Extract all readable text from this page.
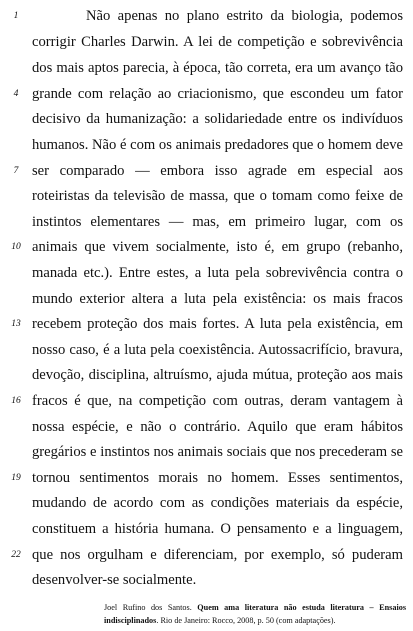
Não apenas no plano estrito da biologia, podemos
corrigir Charles Darwin. A lei de competição e sobrevivência
dos mais aptos parecia, à época, tão correta, era um avanço tão
grande com relação ao criacionismo, que escondeu um fator
decisivo da humanização: a solidariedade entre os indivíduos
humanos. Não é com os animais predadores que o homem deve
ser comparado — embora isso agrade em especial aos
roteiristas da televisão de massa, que o tomam como feixe de
instintos elementares — mas, em primeiro lugar, com os
animais que vivem socialmente, isto é, em grupo (rebanho,
manada etc.). Entre estes, a luta pela sobrevivência contra o
mundo exterior altera a luta pela existência: os mais fracos
recebem proteção dos mais fortes. A luta pela existência, em
nosso caso, é a luta pela coexistência. Autossacrifício, bravura,
devoção, disciplina, altruísmo, ajuda mútua, proteção aos mais
fracos é que, na competição com outras, deram vantagem à
nossa espécie, e não o contrário. Aquilo que eram hábitos
gregários e instintos nos animais sociais que nos precederam se
tornou sentimentos morais no homem. Esses sentimentos,
mudando de acordo com as condições materiais da espécie,
constituem a história humana. O pensamento e a linguagem,
que nos orgulham e diferenciam, por exemplo, só puderam
desenvolver-se socialmente.
1
4
7
10
13
16
19
22
Joel Rufino dos Santos. Quem ama literatura não estuda literatura – Ensaios
indisciplinados. Rio de Janeiro: Rocco, 2008, p. 50 (com adaptações).
